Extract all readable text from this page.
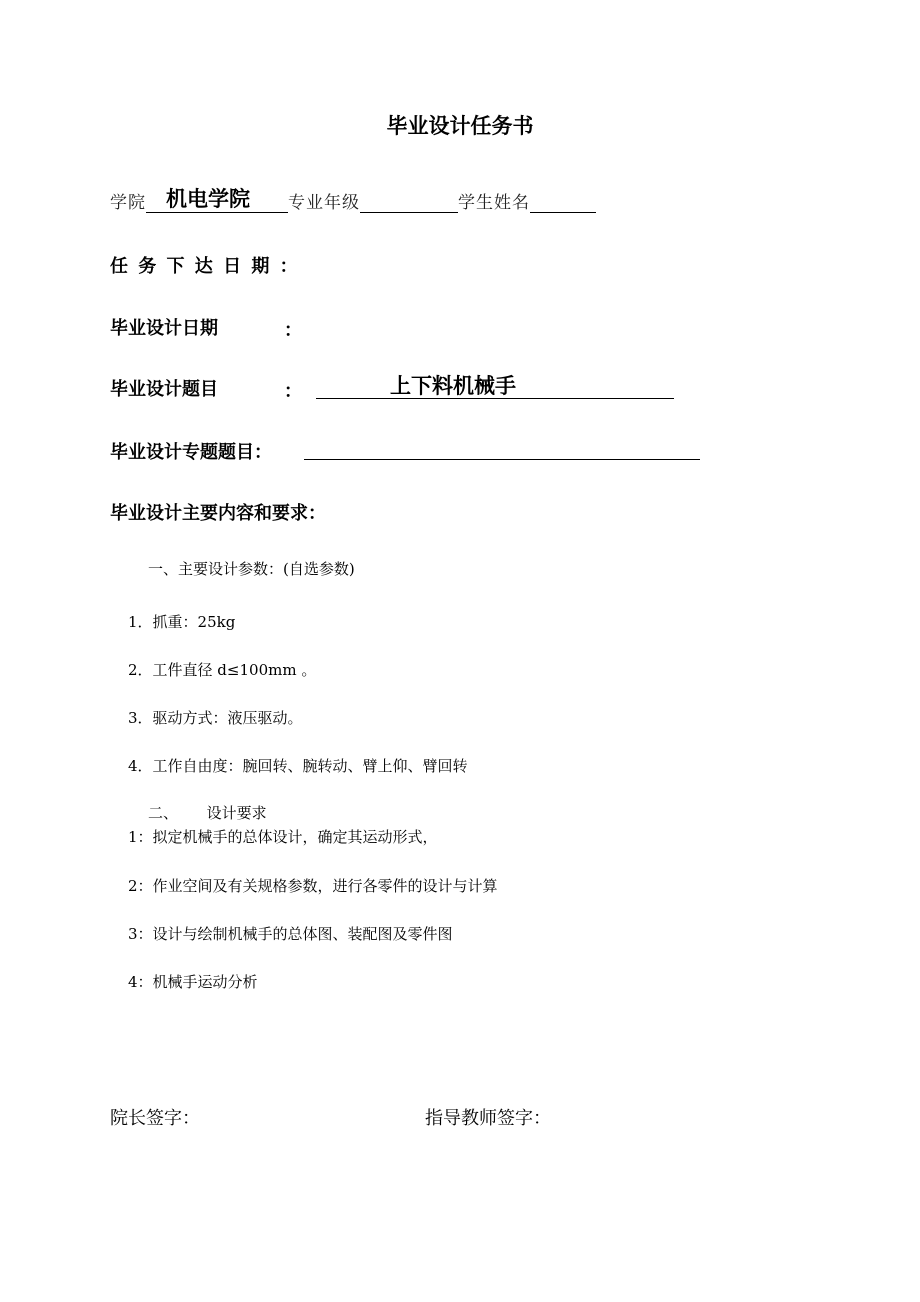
毕业设计任务书
学院 机电学院	专业年级	学生姓名
任 务 下 达 日 期 ：
毕业设计日期	：
毕业设计题目	：	上下料机械手
毕业设计专题题目：
毕业设计主要内容和要求：
一、主要设计参数：(自选参数)
1．抓重：25kg
2．工件直径 d≤100mm 。
3．驱动方式：液压驱动。
4．工作自由度：腕回转、腕转动、臂上仰、臂回转
二、      设计要求
1：拟定机械手的总体设计，确定其运动形式，
2：作业空间及有关规格参数，进行各零件的设计与计算
3：设计与绘制机械手的总体图、装配图及零件图
4：机械手运动分析
院长签字：	指导教师签字：
